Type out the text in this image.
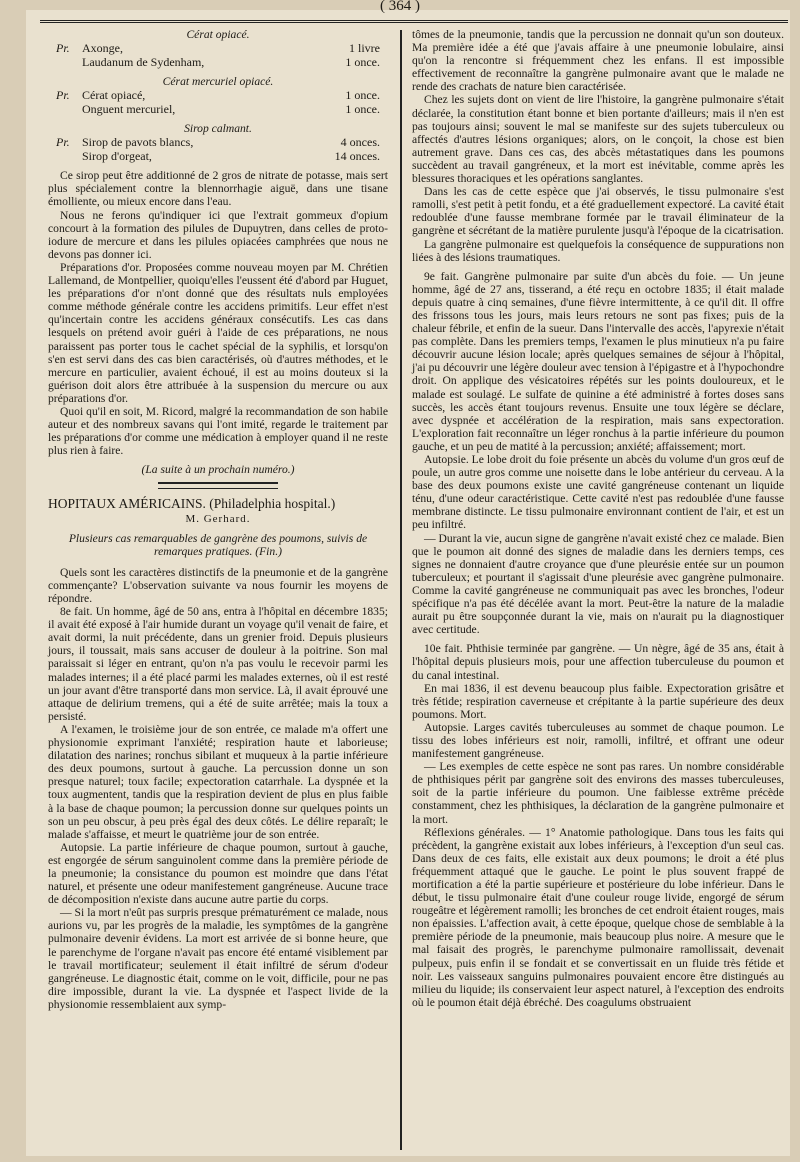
( 364 )

Cérat opiacé.

Pr. Axonge,	1 livre
Laudanum de Sydenham,	1 once.

Cérat mercuriel opiacé.

Pr. Cérat opiacé,	1 once.
Onguent mercuriel,	1 once.

Sirop calmant.

Pr. Sirop de pavots blancs,	4 onces.
Sirop d'orgeat,	14 onces.

Ce sirop peut être additionné de 2 gros de nitrate de potasse, mais sert plus spécialement contre la blennorrhagie aiguë, dans une tisane émolliente, ou mieux encore dans l'eau.

Nous ne ferons qu'indiquer ici que l'extrait gommeux d'opium concourt à la formation des pilules de Dupuytren, dans celles de proto-iodure de mercure et dans les pilules opiacées camphrées que nous ne devons pas donner ici.

Préparations d'or. Proposées comme nouveau moyen par M. Chrétien Lallemand, de Montpellier, quoiqu'elles l'eussent été d'abord par Huguet, les préparations d'or n'ont donné que des résultats nuls employées comme méthode générale contre les accidens primitifs. Leur effet n'est qu'incertain contre les accidens généraux consécutifs. Les cas dans lesquels on prétend avoir guéri à l'aide de ces préparations, ne nous paraissent pas porter tous le cachet spécial de la syphilis, et lorsqu'on s'en est servi dans des cas bien caractérisés, où d'autres méthodes, et le mercure en particulier, avaient échoué, il est au moins douteux si la guérison doit alors être attribuée à la suspension du mercure ou aux préparations d'or.

Quoi qu'il en soit, M. Ricord, malgré la recommandation de son habile auteur et des nombreux savans qui l'ont imité, regarde le traitement par les préparations d'or comme une médication à employer quand il ne reste plus rien à faire.

(La suite à un prochain numéro.)

HOPITAUX AMÉRICAINS. (Philadelphia hospital.)

M. Gerhard.

Plusieurs cas remarquables de gangrène des poumons, suivis de remarques pratiques. (Fin.)

Quels sont les caractères distinctifs de la pneumonie et de la gangrène commençante? L'observation suivante va nous fournir les moyens de répondre.

8e fait. Un homme, âgé de 50 ans, entra à l'hôpital en décembre 1835; il avait été exposé à l'air humide durant un voyage qu'il venait de faire, et avait dormi, la nuit précédente, dans un grenier froid. Depuis plusieurs jours, il toussait, mais sans accuser de douleur à la poitrine. Son mal paraissait si léger en entrant, qu'on n'a pas voulu le recevoir parmi les malades internes; il a été placé parmi les malades externes, où il est resté un jour avant d'être transporté dans mon service. Là, il avait éprouvé une attaque de delirium tremens, qui a été de suite arrêtée; mais la toux a persisté.

A l'examen, le troisième jour de son entrée, ce malade m'a offert une physionomie exprimant l'anxiété; respiration haute et laborieuse; dilatation des narines; ronchus sibilant et muqueux à la partie inférieure des deux poumons, surtout à gauche. La percussion donne un son presque naturel; toux facile; expectoration catarrhale. La dyspnée et la toux augmentent, tandis que la respiration devient de plus en plus faible à la base de chaque poumon; la percussion donne sur quelques points un son un peu obscur, à peu près égal des deux côtés. Le délire reparaît; le malade s'affaisse, et meurt le quatrième jour de son entrée.

Autopsie. La partie inférieure de chaque poumon, surtout à gauche, est engorgée de sérum sanguinolent comme dans la première période de la pneumonie; la consistance du poumon est moindre que dans l'état naturel, et présente une odeur manifestement gangréneuse. Aucune trace de décomposition n'existe dans aucune autre partie du corps.

— Si la mort n'eût pas surpris presque prématurément ce malade, nous aurions vu, par les progrès de la maladie, les symptômes de la gangrène pulmonaire devenir évidens. La mort est arrivée de si bonne heure, que le parenchyme de l'organe n'avait pas encore été entamé visiblement par le travail mortificateur; seulement il était infiltré de sérum d'odeur gangréneuse. Le diagnostic était, comme on le voit, difficile, pour ne pas dire impossible, durant la vie. La dyspnée et l'aspect livide de la physionomie ressemblaient aux symp-

tômes de la pneumonie, tandis que la percussion ne donnait qu'un son douteux. Ma première idée a été que j'avais affaire à une pneumonie lobulaire, ainsi qu'on la rencontre si fréquemment chez les enfans. Il est impossible effectivement de reconnaître la gangrène pulmonaire avant que le malade ne rende des crachats de nature bien caractérisée.

Chez les sujets dont on vient de lire l'histoire, la gangrène pulmonaire s'était déclarée, la constitution étant bonne et bien portante d'ailleurs; mais il n'en est pas toujours ainsi; souvent le mal se manifeste sur des sujets tuberculeux ou affectés d'autres lésions organiques; alors, on le conçoit, la chose est bien autrement grave. Dans ces cas, des abcès métastatiques dans les poumons succèdent au travail gangréneux, et la mort est inévitable, comme après les blessures thoraciques et les opérations sanglantes.

Dans les cas de cette espèce que j'ai observés, le tissu pulmonaire s'est ramolli, s'est petit à petit fondu, et a été graduellement expectoré. La cavité était redoublée d'une fausse membrane formée par le travail éliminateur de la gangrène et sécrétant de la matière purulente jusqu'à l'époque de la cicatrisation.

La gangrène pulmonaire est quelquefois la conséquence de suppurations non liées à des lésions traumatiques.

9e fait. Gangrène pulmonaire par suite d'un abcès du foie. — Un jeune homme, âgé de 27 ans, tisserand, a été reçu en octobre 1835; il était malade depuis quatre à cinq semaines, d'une fièvre intermittente, à ce qu'il dit. Il offre des frissons tous les jours, mais leurs retours ne sont pas fixes; puis de la chaleur fébrile, et enfin de la sueur. Dans l'intervalle des accès, l'apyrexie n'était pas complète. Dans les premiers temps, l'examen le plus minutieux n'a pu faire découvrir aucune lésion locale; après quelques semaines de séjour à l'hôpital, j'ai pu découvrir une légère douleur avec tension à l'épigastre et à l'hypochondre droit. On applique des vésicatoires répétés sur les points douloureux, et le malade est soulagé. Le sulfate de quinine a été administré à fortes doses sans succès, les accès étant toujours revenus. Ensuite une toux légère se déclare, avec dyspnée et accélération de la respiration, mais sans expectoration. L'exploration fait reconnaître un léger ronchus à la partie inférieure du poumon gauche, et un peu de matité à la percussion; anxiété; affaissement; mort.

Autopsie. Le lobe droit du foie présente un abcès du volume d'un gros œuf de poule, un autre gros comme une noisette dans le lobe antérieur du cerveau. A la base des deux poumons existe une cavité gangréneuse contenant un liquide ténu, d'une odeur caractéristique. Cette cavité n'est pas redoublée d'une fausse membrane distincte. Le tissu pulmonaire environnant contient de l'air, et est un peu infiltré.

— Durant la vie, aucun signe de gangrène n'avait existé chez ce malade. Bien que le poumon ait donné des signes de maladie dans les derniers temps, ces signes ne donnaient d'autre croyance que d'une pleurésie entée sur un poumon tuberculeux; et pourtant il s'agissait d'une pleurésie avec gangrène pulmonaire. Comme la cavité gangréneuse ne communiquait pas avec les bronches, l'odeur spécifique n'a pas été décélée avant la mort. Peut-être la nature de la maladie aurait pu être soupçonnée durant la vie, mais on n'aurait pu la diagnostiquer avec certitude.

10e fait. Phthisie terminée par gangrène. — Un nègre, âgé de 35 ans, était à l'hôpital depuis plusieurs mois, pour une affection tuberculeuse du poumon et du canal intestinal.

En mai 1836, il est devenu beaucoup plus faible. Expectoration grisâtre et très fétide; respiration caverneuse et crépitante à la partie supérieure des deux poumons. Mort.

Autopsie. Larges cavités tuberculeuses au sommet de chaque poumon. Le tissu des lobes inférieurs est noir, ramolli, infiltré, et offrant une odeur manifestement gangréneuse.

— Les exemples de cette espèce ne sont pas rares. Un nombre considérable de phthisiques périt par gangrène soit des environs des masses tuberculeuses, soit de la partie inférieure du poumon. Une faiblesse extrême précède constamment, chez les phthisiques, la déclaration de la gangrène pulmonaire et la mort.

Réflexions générales. — 1° Anatomie pathologique. Dans tous les faits qui précèdent, la gangrène existait aux lobes inférieurs, à l'exception d'un seul cas. Dans deux de ces faits, elle existait aux deux poumons; le droit a été plus fréquemment attaqué que le gauche. Le point le plus souvent frappé de mortification a été la partie supérieure et postérieure du lobe inférieur. Dans le début, le tissu pulmonaire était d'une couleur rouge livide, engorgé de sérum rougeâtre et légèrement ramolli; les bronches de cet endroit étaient rouges, mais non épaissies. L'affection avait, à cette époque, quelque chose de semblable à la première période de la pneumonie, mais beaucoup plus noire. A mesure que le mal faisait des progrès, le parenchyme pulmonaire ramollissait, devenait pulpeux, puis enfin il se fondait et se convertissait en un fluide très fétide et noir. Les vaisseaux sanguins pulmonaires pouvaient encore être distingués au milieu du liquide; ils conservaient leur aspect naturel, à l'exception des endroits où le poumon était déjà ébréché. Des coagulums obstruaient
